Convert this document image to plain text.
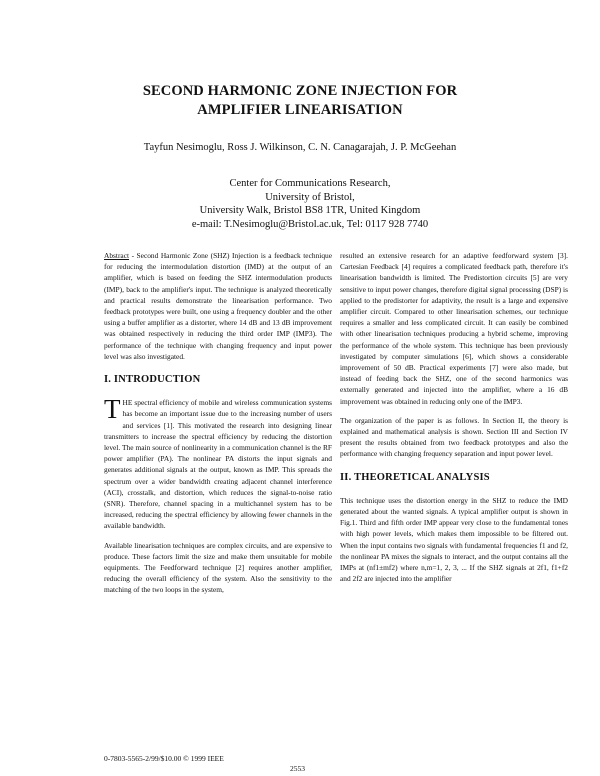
SECOND HARMONIC ZONE INJECTION FOR
AMPLIFIER LINEARISATION
Tayfun Nesimoglu, Ross J. Wilkinson, C. N. Canagarajah, J. P. McGeehan
Center for Communications Research,
University of Bristol,
University Walk, Bristol BS8 1TR, United Kingdom
e-mail: T.Nesimoglu@Bristol.ac.uk, Tel: 0117 928 7740

Abstract - Second Harmonic Zone (SHZ) Injection is a feedback technique for reducing the intermodulation distortion (IMD) at the output of an amplifier, which is based on feeding the SHZ intermodulation products (IMP), back to the amplifier's input. The technique is analyzed theoretically and practical results demonstrate the linearisation performance. Two feedback prototypes were built, one using a frequency doubler and the other using a buffer amplifier as a distorter, where 14 dB and 13 dB improvement was obtained respectively in reducing the third order IMP (IMP3). The performance of the technique with changing frequency and input power level was also investigated.

I. INTRODUCTION

THE spectral efficiency of mobile and wireless communication systems has become an important issue due to the increasing number of users and services [1]. This motivated the research into designing linear transmitters to increase the spectral efficiency by reducing the distortion level. The main source of nonlinearity in a communication channel is the RF power amplifier (PA). The nonlinear PA distorts the input signals and generates additional signals at the output, known as IMP. This spreads the spectrum over a wider bandwidth creating adjacent channel interference (ACI), crosstalk, and distortion, which reduces the signal-to-noise ratio (SNR). Therefore, channel spacing in a multichannel system has to be increased, reducing the spectral efficiency by allowing fewer channels in the available bandwidth.

Available linearisation techniques are complex circuits, and are expensive to produce. These factors limit the size and make them unsuitable for mobile equipments. The Feedforward technique [2] requires another amplifier, reducing the overall efficiency of the system. Also the sensitivity to the matching of the two loops in the system,

resulted an extensive research for an adaptive feedforward system [3]. Cartesian Feedback [4] requires a complicated feedback path, therefore it's linearisation bandwidth is limited. The Predistortion circuits [5] are very sensitive to input power changes, therefore digital signal processing (DSP) is applied to the predistorter for adaptivity, the result is a large and expensive amplifier circuit. Compared to other linearisation schemes, our technique requires a smaller and less complicated circuit. It can easily be combined with other linearisation techniques producing a hybrid scheme, improving the performance of the whole system. This technique has been previously investigated by computer simulations [6], which shows a considerable improvement of 50 dB. Practical experiments [7] were also made, but instead of feeding back the SHZ, one of the second harmonics was externally generated and injected into the amplifier, where a 16 dB improvement was obtained in reducing only one of the IMP3.

The organization of the paper is as follows. In Section II, the theory is explained and mathematical analysis is shown. Section III and Section IV present the results obtained from two feedback prototypes and also the performance with changing frequency separation and input power level.

II. THEORETICAL ANALYSIS

This technique uses the distortion energy in the SHZ to reduce the IMD generated about the wanted signals. A typical amplifier output is shown in Fig.1. Third and fifth order IMP appear very close to the fundamental tones with high power levels, which makes them impossible to be filtered out. When the input contains two signals with fundamental frequencies f1 and f2, the nonlinear PA mixes the signals to interact, and the output contains all the IMPs at (nf1±mf2) where n,m=1, 2, 3, ... If the SHZ signals at 2f1, f1+f2 and 2f2 are injected into the amplifier

0-7803-5565-2/99/$10.00 © 1999 IEEE
2553
